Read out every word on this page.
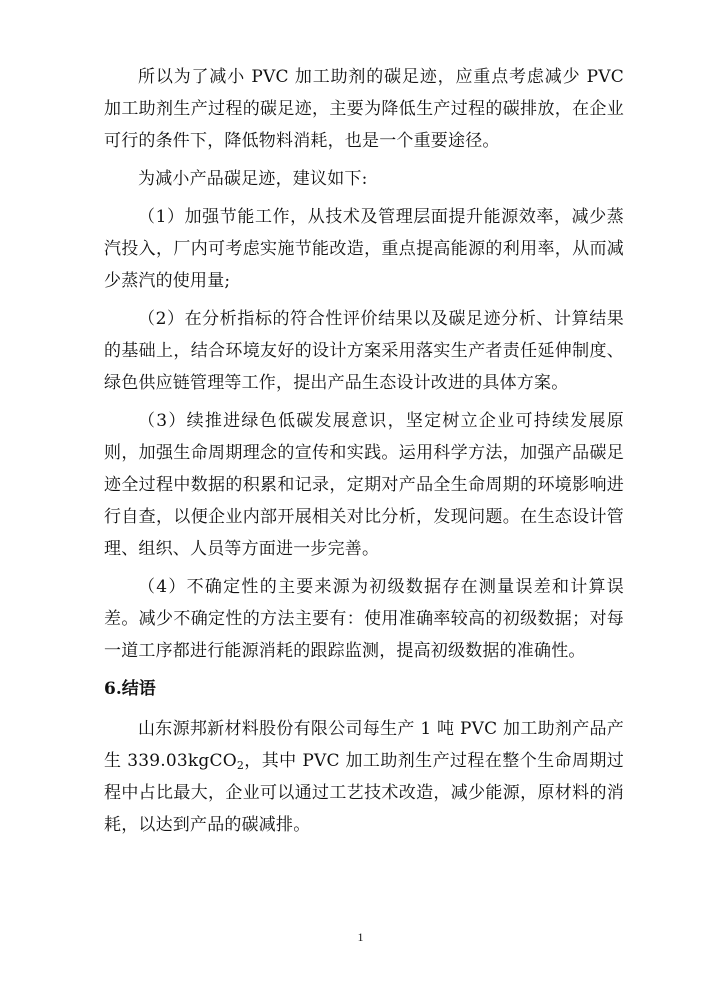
所以为了减小 PVC 加工助剂的碳足迹，应重点考虑减少 PVC 加工助剂生产过程的碳足迹，主要为降低生产过程的碳排放，在企业可行的条件下，降低物料消耗，也是一个重要途径。

为减小产品碳足迹，建议如下:

（1）加强节能工作，从技术及管理层面提升能源效率，减少蒸汽投入，厂内可考虑实施节能改造，重点提高能源的利用率，从而减少蒸汽的使用量;

（2）在分析指标的符合性评价结果以及碳足迹分析、计算结果的基础上，结合环境友好的设计方案采用落实生产者责任延伸制度、绿色供应链管理等工作，提出产品生态设计改进的具体方案。

（3）续推进绿色低碳发展意识，坚定树立企业可持续发展原则，加强生命周期理念的宣传和实践。运用科学方法，加强产品碳足迹全过程中数据的积累和记录，定期对产品全生命周期的环境影响进行自查，以便企业内部开展相关对比分析，发现问题。在生态设计管理、组织、人员等方面进一步完善。

（4）不确定性的主要来源为初级数据存在测量误差和计算误差。减少不确定性的方法主要有：使用准确率较高的初级数据；对每一道工序都进行能源消耗的跟踪监测，提高初级数据的准确性。

6.结语

山东源邦新材料股份有限公司每生产 1 吨 PVC 加工助剂产品产生 339.03kgCO$_2$，其中 PVC 加工助剂生产过程在整个生命周期过程中占比最大，企业可以通过工艺技术改造，减少能源，原材料的消耗，以达到产品的碳减排。

1
